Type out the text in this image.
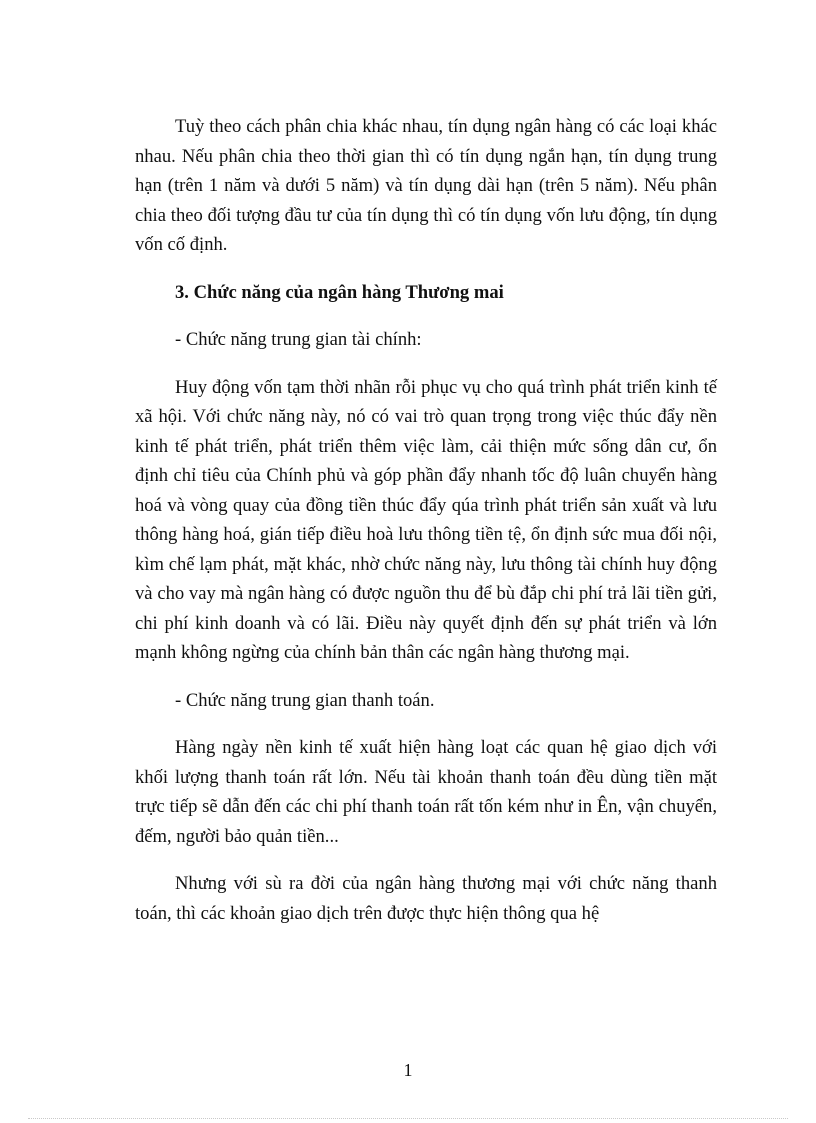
Tuỳ theo cách phân chia khác nhau, tín dụng ngân hàng có các loại khác nhau. Nếu phân chia theo thời gian thì có tín dụng ngắn hạn, tín dụng trung hạn (trên 1 năm và dưới 5 năm) và tín dụng dài hạn (trên 5 năm). Nếu phân chia theo đối tượng đầu tư của tín dụng thì có tín dụng vốn lưu động, tín dụng vốn cố định.

3. Chức năng của ngân hàng Thương mai

- Chức năng trung gian tài chính:

Huy động vốn tạm thời nhãn rỗi phục vụ cho quá trình phát triển kinh tế xã hội. Với chức năng này, nó có vai trò quan trọng trong việc thúc đẩy nền kinh tế phát triển, phát triển thêm việc làm, cải thiện mức sống dân cư, ổn định chỉ tiêu của Chính phủ và góp phần đẩy nhanh tốc độ luân chuyển hàng hoá và vòng quay của đồng tiền thúc đẩy qúa trình phát triển sản xuất và lưu thông hàng hoá, gián tiếp điều hoà lưu thông tiền tệ, ổn định sức mua đối nội, kìm chế lạm phát, mặt khác, nhờ chức năng này, lưu thông tài chính huy động và cho vay mà ngân hàng có được nguồn thu để bù đắp chi phí trả lãi tiền gửi, chi phí kinh doanh và có lãi. Điều này quyết định đến sự phát triển và lớn mạnh không ngừng của chính bản thân các ngân hàng thương mại.

- Chức năng trung gian thanh toán.

Hàng ngày nền kinh tế xuất hiện hàng loạt các quan hệ giao dịch với khối lượng thanh toán rất lớn. Nếu tài khoản thanh toán đều dùng tiền mặt trực tiếp sẽ dẫn đến các chi phí thanh toán rất tốn kém như in Ên, vận chuyển, đếm, người bảo quản tiền...

Nhưng với sù ra đời của ngân hàng thương mại với chức năng thanh toán, thì các khoản giao dịch trên được thực hiện thông qua hệ

1
